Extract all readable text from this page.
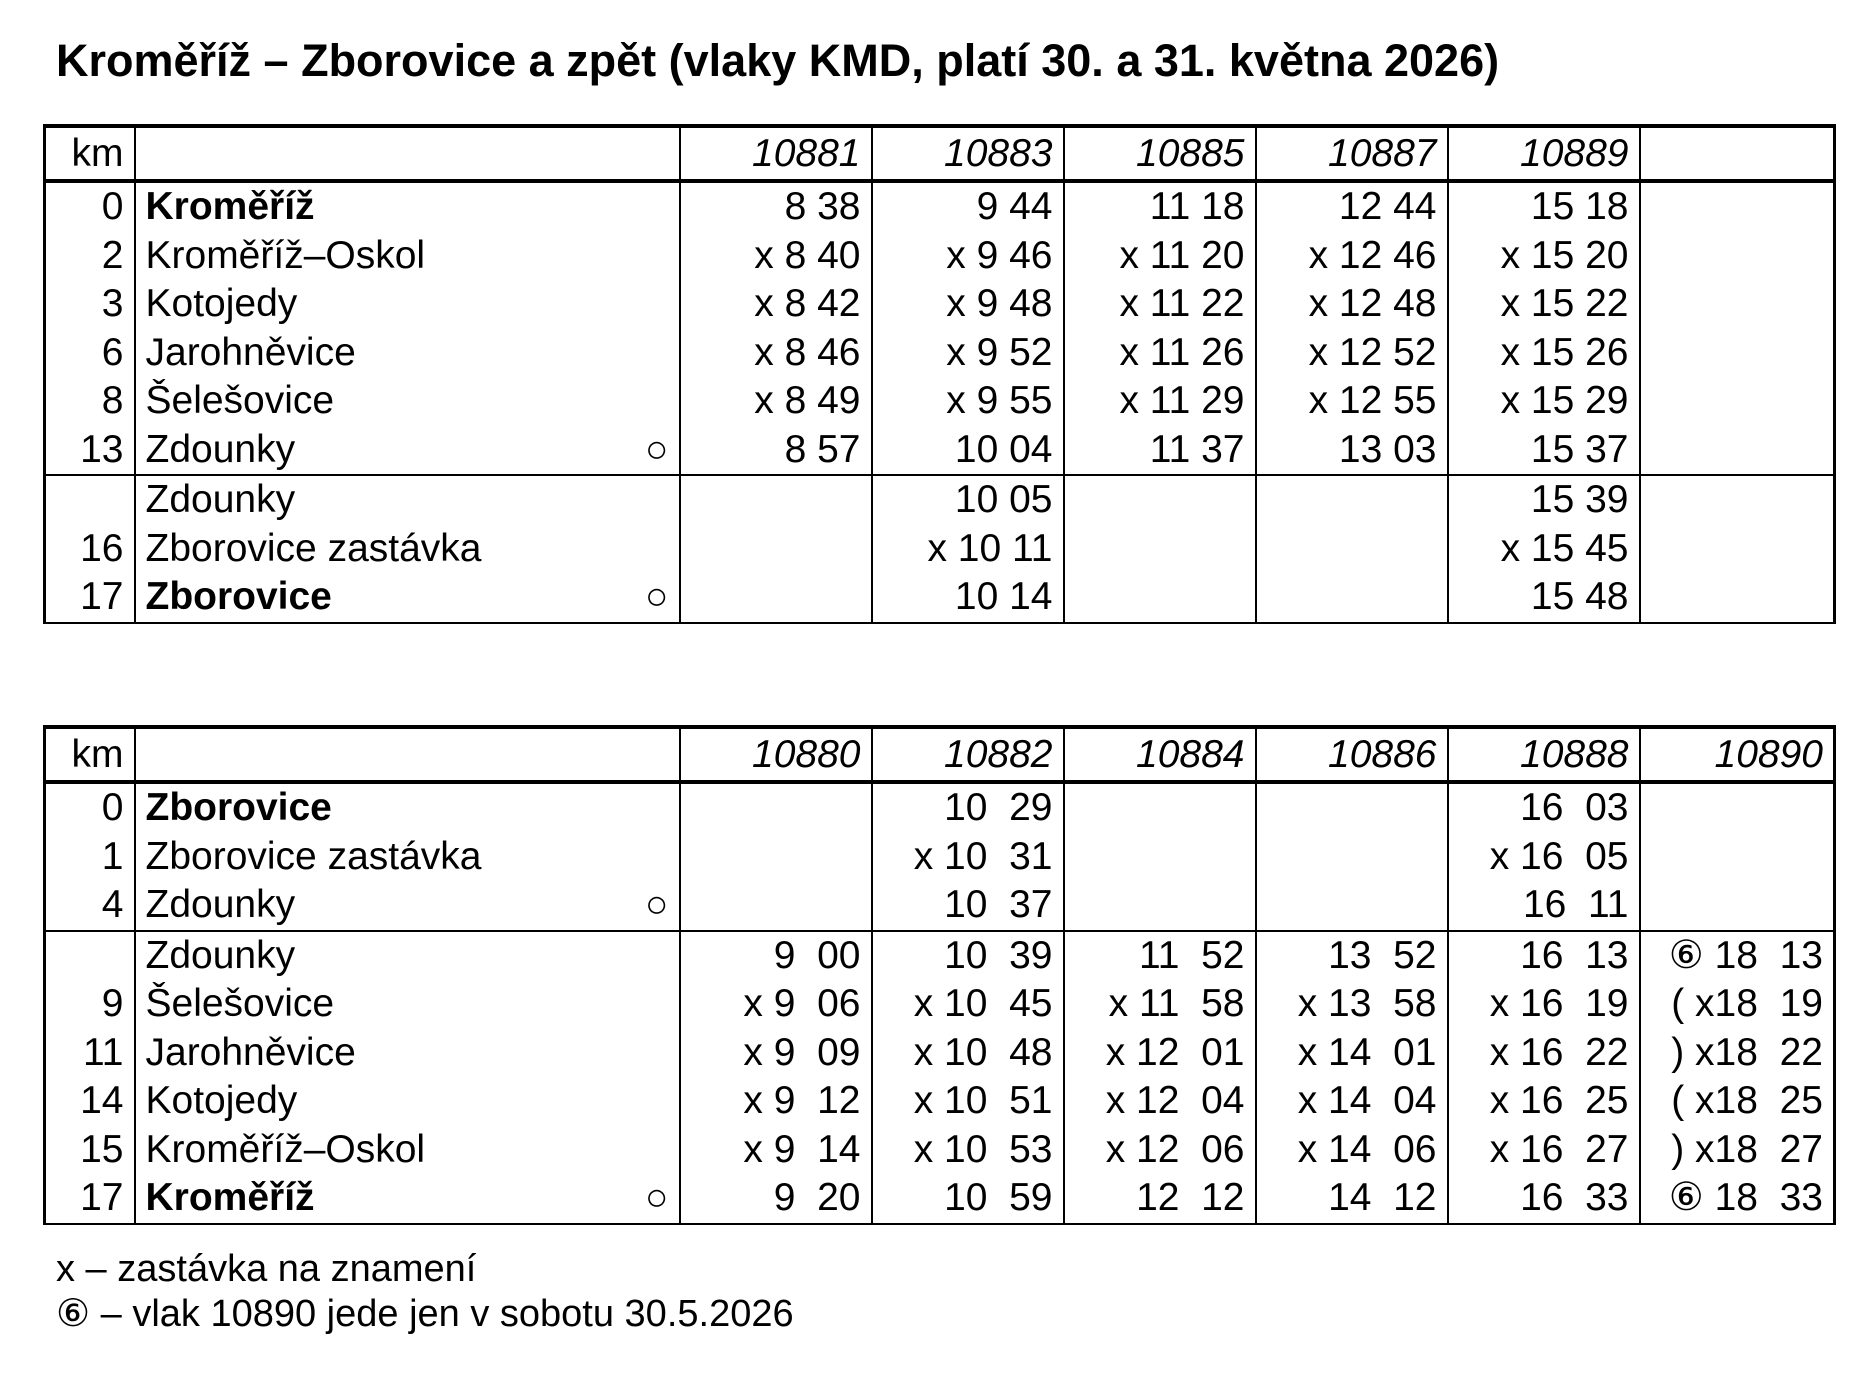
Kroměříž – Zborovice a zpět (vlaky KMD, platí 30. a 31. května 2026)
km		10881	10883	10885	10887	10889	
0	Kroměříž	8 38	9 44	11 18	12 44	15 18	
2	Kroměříž–Oskol	x 8 40	x 9 46	x 11 20	x 12 46	x 15 20	
3	Kotojedy	x 8 42	x 9 48	x 11 22	x 12 48	x 15 22	
6	Jarohněvice	x 8 46	x 9 52	x 11 26	x 12 52	x 15 26	
8	Šelešovice	x 8 49	x 9 55	x 11 29	x 12 55	x 15 29	
13	Zdounky ○	8 57	10 04	11 37	13 03	15 37	
	Zdounky		10 05			15 39	
16	Zborovice zastávka		x 10 11			x 15 45	
17	Zborovice ○		10 14			15 48	
km		10880	10882	10884	10886	10888	10890
0	Zborovice		10  29			16  03	
1	Zborovice zastávka		x 10  31			x 16  05	
4	Zdounky ○		10  37			16  11	
	Zdounky	9  00	10  39	11  52	13  52	16  13	⑥ 18  13
9	Šelešovice	x 9  06	x 10  45	x 11  58	x 13  58	x 16  19	( x18  19
11	Jarohněvice	x 9  09	x 10  48	x 12  01	x 14  01	x 16  22	) x18  22
14	Kotojedy	x 9  12	x 10  51	x 12  04	x 14  04	x 16  25	( x18  25
15	Kroměříž–Oskol	x 9  14	x 10  53	x 12  06	x 14  06	x 16  27	) x18  27
17	Kroměříž ○	9  20	10  59	12  12	14  12	16  33	⑥ 18  33
x – zastávka na znamení
⑥ – vlak 10890 jede jen v sobotu 30.5.2026
